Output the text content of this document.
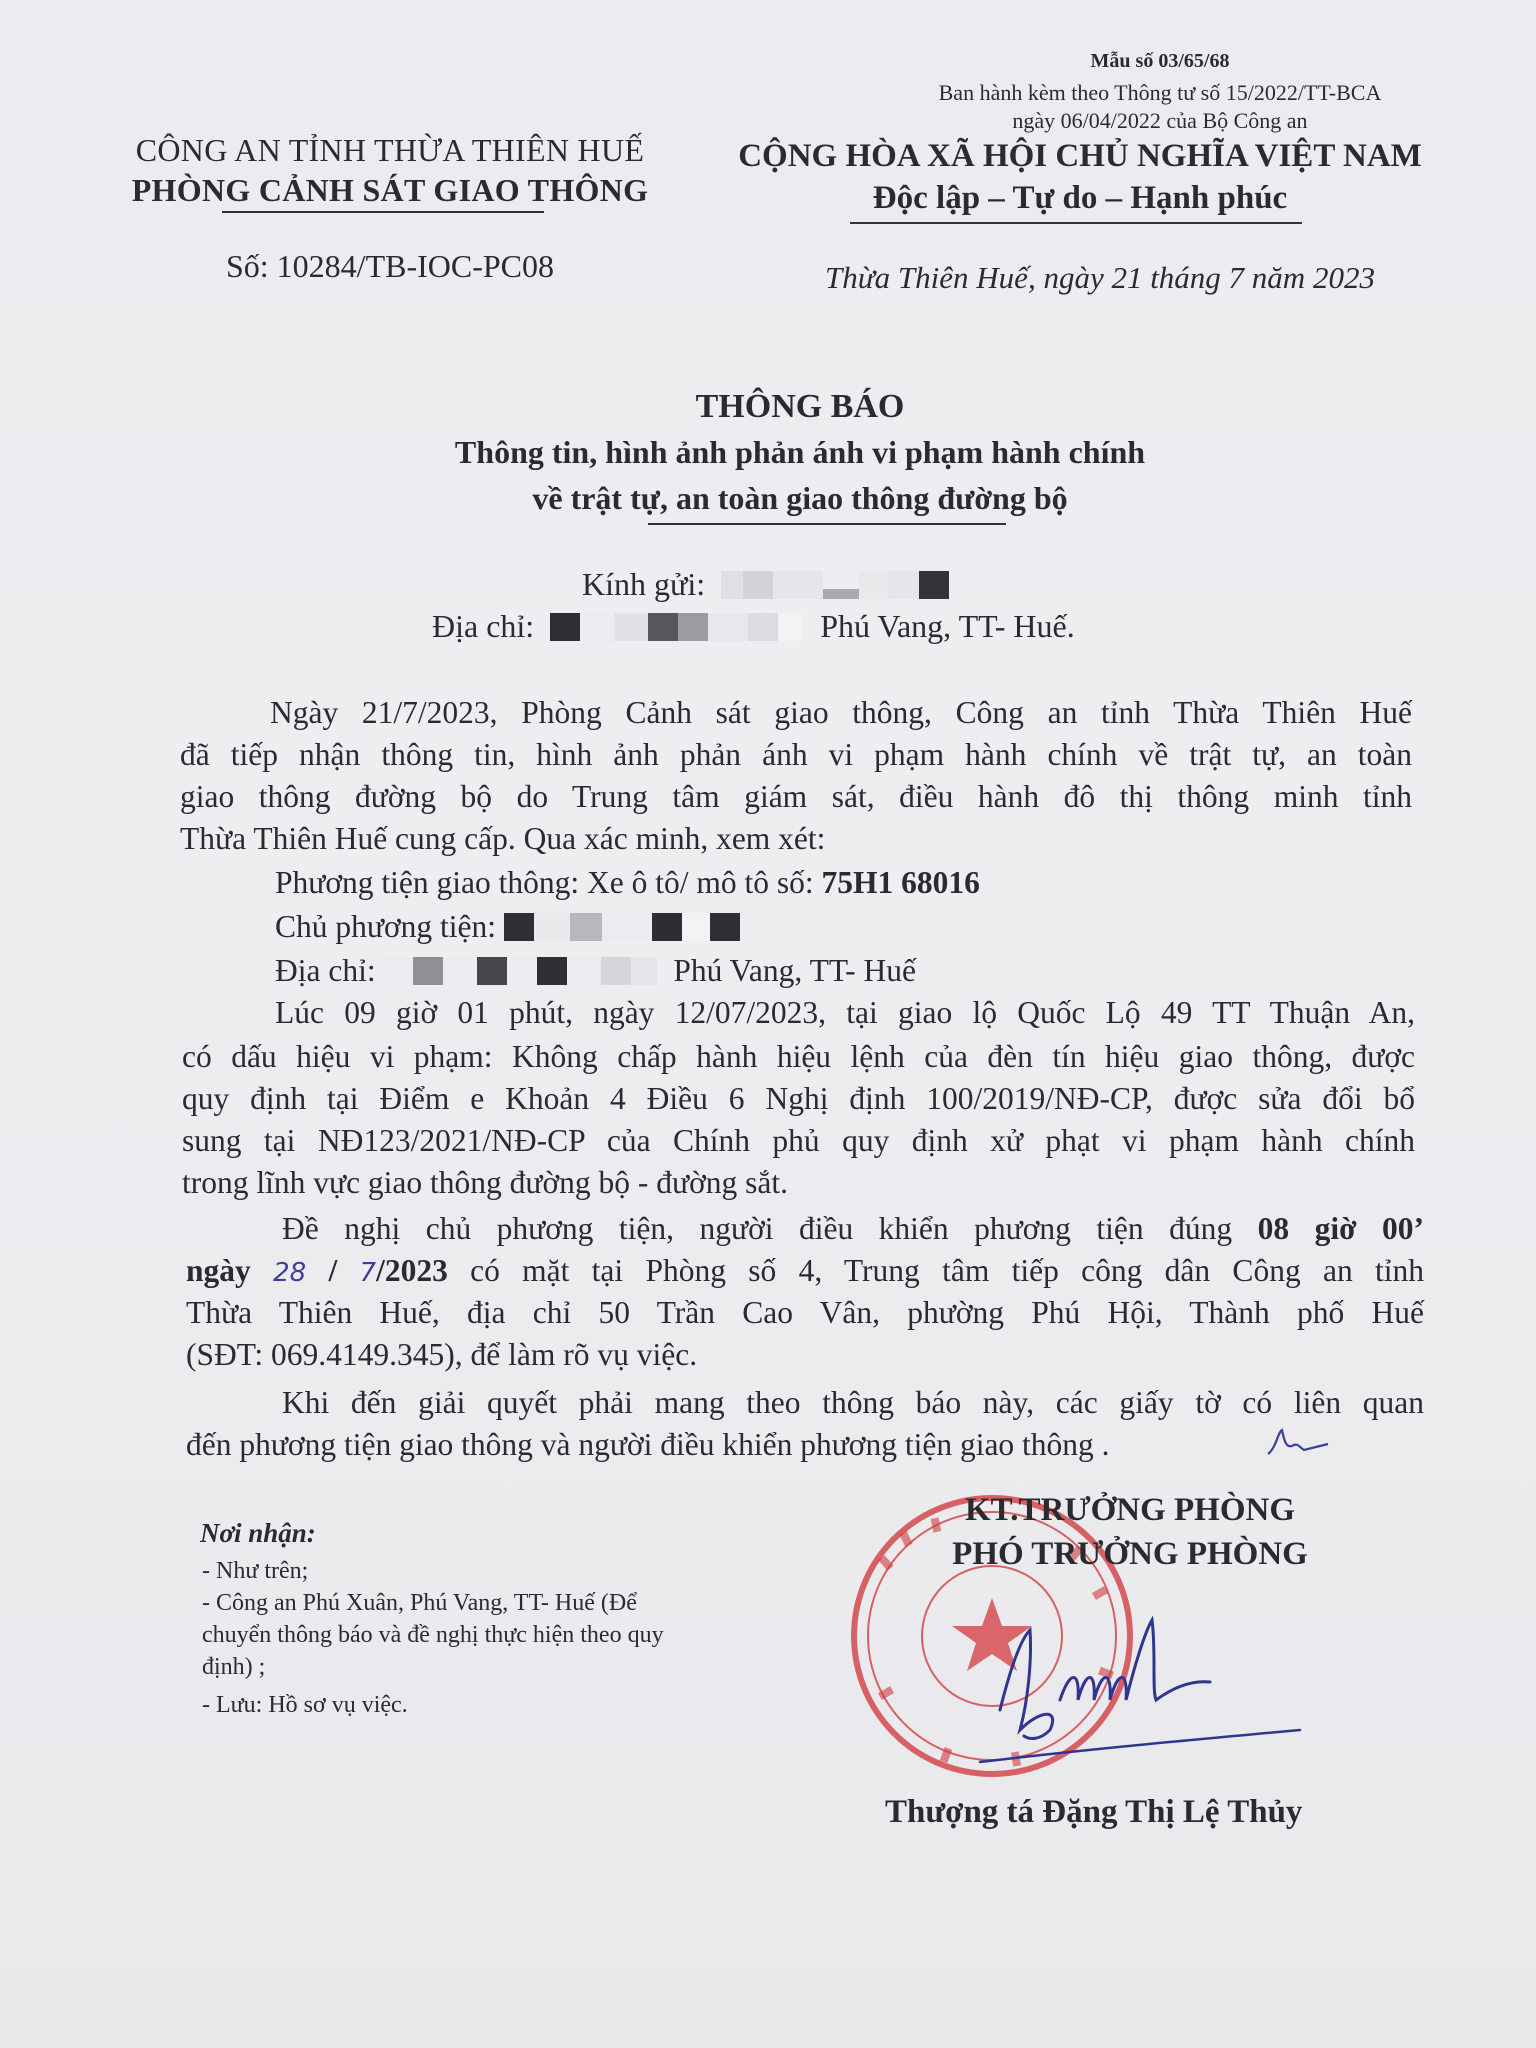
Mẫu số 03/65/68
Ban hành kèm theo Thông tư số 15/2022/TT-BCA
ngày 06/04/2022 của Bộ Công an
CÔNG AN TỈNH THỪA THIÊN HUẾ
PHÒNG CẢNH SÁT GIAO THÔNG
CỘNG HÒA XÃ HỘI CHỦ NGHĨA VIỆT NAM
Độc lập – Tự do – Hạnh phúc
Số: 10284/TB-IOC-PC08	Thừa Thiên Huế, ngày 21 tháng 7 năm 2023
THÔNG BÁO
Thông tin, hình ảnh phản ánh vi phạm hành chính
về trật tự, an toàn giao thông đường bộ
Kính gửi:
Địa chỉ:	Phú Vang, TT- Huế.
Ngày 21/7/2023, Phòng Cảnh sát giao thông, Công an tỉnh Thừa Thiên Huế
đã tiếp nhận thông tin, hình ảnh phản ánh vi phạm hành chính về trật tự, an toàn
giao thông đường bộ do Trung tâm giám sát, điều hành đô thị thông minh tỉnh
Thừa Thiên Huế cung cấp. Qua xác minh, xem xét:
Phương tiện giao thông: Xe ô tô/ mô tô số: 75H1 68016
Chủ phương tiện:
Địa chỉ:	Phú Vang, TT- Huế
Lúc 09 giờ 01 phút, ngày 12/07/2023, tại giao lộ Quốc Lộ 49 TT Thuận An,
có dấu hiệu vi phạm: Không chấp hành hiệu lệnh của đèn tín hiệu giao thông, được
quy định tại Điểm e Khoản 4 Điều 6 Nghị định 100/2019/NĐ-CP, được sửa đổi bổ
sung tại NĐ123/2021/NĐ-CP của Chính phủ quy định xử phạt vi phạm hành chính
trong lĩnh vực giao thông đường bộ - đường sắt.
Đề nghị chủ phương tiện, người điều khiển phương tiện đúng 08 giờ 00’
ngày 28 / 7/2023 có mặt tại Phòng số 4, Trung tâm tiếp công dân Công an tỉnh
Thừa Thiên Huế, địa chỉ 50 Trần Cao Vân, phường Phú Hội, Thành phố Huế
(SĐT: 069.4149.345), để làm rõ vụ việc.
Khi đến giải quyết phải mang theo thông báo này, các giấy tờ có liên quan
đến phương tiện giao thông và người điều khiển phương tiện giao thông .
Nơi nhận:
- Như trên;
- Công an Phú Xuân, Phú Vang, TT- Huế (Để
chuyển thông báo và đề nghị thực hiện theo quy
định) ;
- Lưu: Hồ sơ vụ việc.
KT.TRƯỞNG PHÒNG
PHÓ TRƯỞNG PHÒNG
Thượng tá Đặng Thị Lệ Thủy
